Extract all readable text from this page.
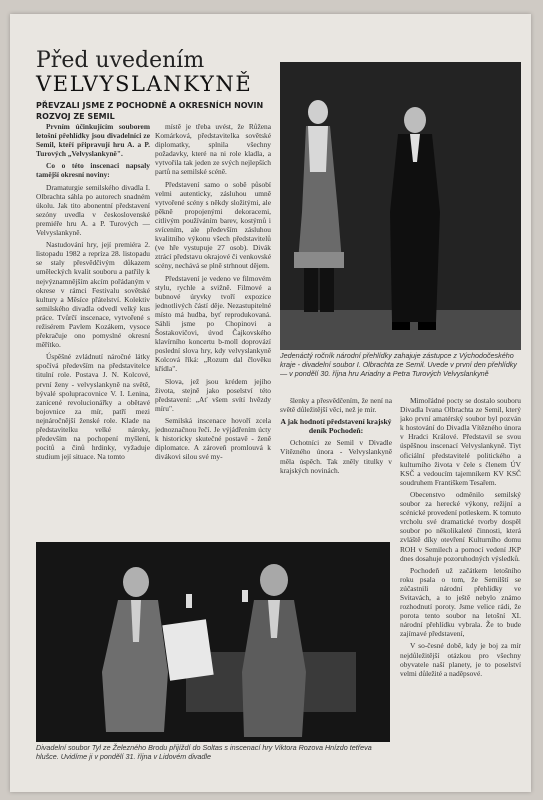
Před uvedením
VELVYSLANKYNĚ
PŘEVZALI JSME Z POCHODNĚ A OKRESNÍCH NOVIN ROZVOJ ZE SEMIL
Jedenáctý ročník národní přehlídky zahajuje zástupce z Východočeského kraje - divadelní soubor I. Olbrachta ze Semil. Uvede v první den přehlídky — v pondělí 30. října hru Ariadny a Petra Turových Velvyslankyně

Prvním účinkujícím souborem letošní přehlídky jsou divadelníci ze Semil, kteří připravují hru A. a P. Turových „Velvyslankyně".

Co o této inscenaci napsaly tamější okresní noviny:

Dramaturgie semilského divadla I. Olbrachta sáhla po autorech snadném úkolu. Jak tito abonentní představení sezóny uvedla v československé premiéře hru A. a P. Turových — Velvyslankyně.

Nastudování hry, její premiéra 2. listopadu 1982 a repríza 28. listopadu se staly přesvědčivým důkazem uměleckých kvalit souboru a patřily k nejvýznamnějším akcím pořádaným v okrese v rámci Festivalu sovětské kultury a Měsíce přátelství. Kolektiv semilského divadla odvedl velký kus práce. Tvůrčí inscenace, vytvořené s režisérem Pavlem Kozákem, vysoce překračuje ono pomyslné okresní měřítko.

Úspěšné zvládnutí náročné látky spočívá především na představitelce titulní role. Postava J. N. Kolcové, první ženy - velvyslankyně na světě, bývalé spolupracovnice V. I. Lenina, zanícené revolucionářky a obětavé bojovnice za mír, patří mezi nejnáročnější ženské role. Klade na představitelku velké nároky, především na pochopení myšlení, pocitů a činů hrdinky, vyžaduje studium její situace. Na tomto

místě je třeba uvést, že Růžena Komárková, představitelka sovětské diplomatky, splnila všechny požadavky, které na ni role kladla, a vytvořila tak jeden ze svých nejlepších partů na semilské scéně.

Představení samo o sobě působí velmi autenticky, zásluhou umně vytvořené scény s někdy složitými, ale pěkně propojenými dekoracemi, citlivým používáním barev, kostýmů i svícením, ale především zásluhou kvalitního výkonu všech představitelů (ve hře vystupuje 27 osob). Divák ztrácí představu okrajové či venkovské scény, nechává se plně strhnout dějem.

Představení je vedeno ve filmovém stylu, rychle a svižně. Filmové a bubnové úryvky tvoří expozice jednotlivých částí děje. Nezastupitelné místo má hudba, byť reprodukovaná. Sáhli jsme po Chopinovi a Šostakovičovi, úvod Čajkovského klavírního koncertu b-moll doprovází poslední slova hry, kdy velvyslankyně Kolcová říká: „Rozum dal člověku křídla".

Slova, jež jsou krédem jejího života, stejně jako poselství této představení: „Ať všem svítí hvězdy míru".

Semilská inscenace hovoří zcela jednoznačnou řečí. Je výjádřením úcty k historicky skutečné postavě - ženě diplomatce. A zároveň promlouvá k divákovi silou své my-

šlenky a přesvědčením, že není na světě důležitější věci, než je mír.

A jak hodnotí představení krajský deník Pochodeň:

Ochotníci ze Semil v Divadle Vítězného února - Velvyslankyně měla úspěch. Tak zněly titulky v krajských novinách.

Mimořádné pocty se dostalo souboru Divadla Ivana Olbrachta ze Semil, který jako první amatérský soubor byl pozván k hostování do Divadla Vítězného února v Hradci Králové. Představil se svou úspěšnou inscenací Velvyslankyně. Tiyt oficiální představitelé politického a kulturního života v čele s členem ÚV KSČ a vedoucím tajemníkem KV KSČ soudruhem Františkem Tesařem.

Obecenstvo odměnilo semilský soubor za herecké výkony, režijní a scénické provedení potleskem. K tomuto vrcholu své dramatické tvorby dospěl soubor po několikaleté činnosti, která zvláště díky otevření Kulturního domu ROH v Semilech a pomocí vedení JKP dnes dosahuje pozoruhodných výsledků.

Pochodeň už začátkem letošního roku psala o tom, že Semilští se zúčastnili národní přehlídky ve Svitavách, a to ještě nebylo známo rozhodnutí poroty. Jsme velice rádi, že porota tento soubor na letošní XI. národní přehlídku vybrala. Že to bude zajímavé představení,

V so-česné době, kdy je boj za mír nejdůležitější otázkou pro všechny obyvatele naší planety, je to poselství velmi důležité a naděpsové.

Divadelní soubor Tyl ze Železného Brodu přijíždí do Soltas s inscenací hry Viktora Rozova Hnízdo tetřeva hlušce. Uvidíme ji v pondělí 31. října v Lidovém divadle
